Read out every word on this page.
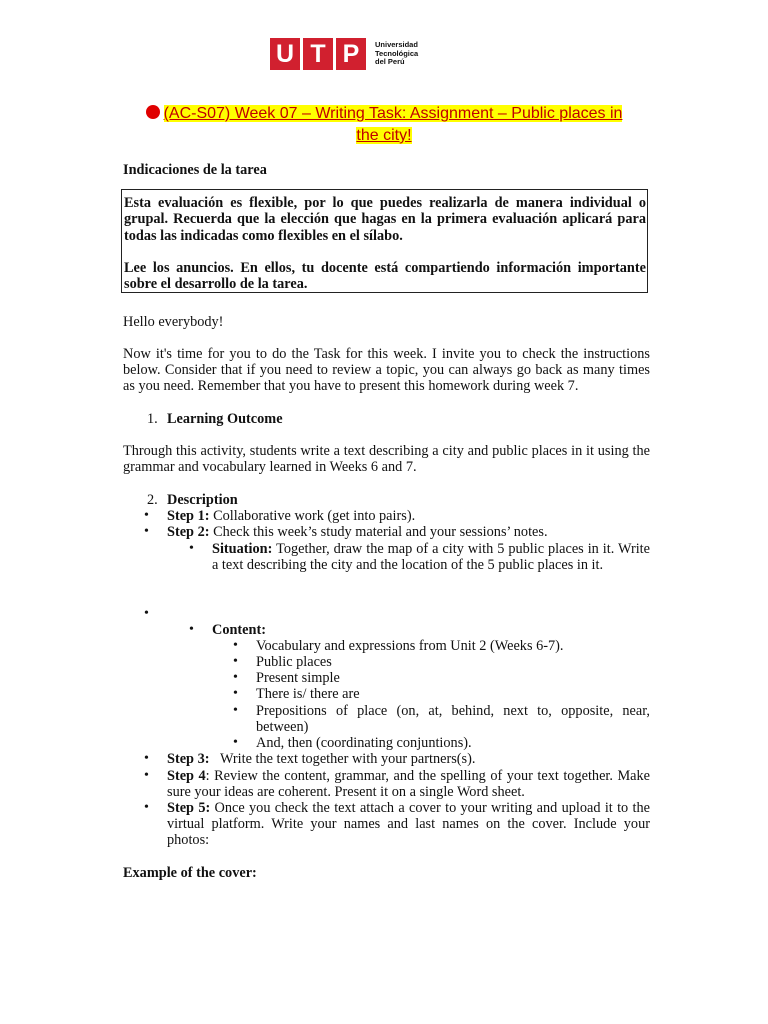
U T P	Universidad
Tecnológica
del Perú
(AC-S07) Week 07 – Writing Task: Assignment – Public places in
the city!
Indicaciones de la tarea

Esta evaluación es flexible, por lo que puedes realizarla de manera individual o grupal. Recuerda que la elección que hagas en la primera evaluación aplicará para todas las indicadas como flexibles en el sílabo.

Lee los anuncios. En ellos, tu docente está compartiendo información importante sobre el desarrollo de la tarea.

Hello everybody!
Now it's time for you to do the Task for this week. I invite you to check the instructions below. Consider that if you need to review a topic, you can always go back as many times as you need. Remember that you have to present this homework during week 7.
1. Learning Outcome
Through this activity, students write a text describing a city and public places in it using the grammar and vocabulary learned in Weeks 6 and 7.
2. Description
• Step 1: Collaborative work (get into pairs).
• Step 2: Check this week’s study material and your sessions’ notes.
• Situation: Together, draw the map of a city with 5 public places in it. Write a text describing the city and the location of the 5 public places in it.
•
• Content:
• Vocabulary and expressions from Unit 2 (Weeks 6-7).
• Public places
• Present simple
• There is/ there are
• Prepositions of place (on, at, behind, next to, opposite, near, between)
• And, then (coordinating conjuntions).
• Step 3:   Write the text together with your partners(s).
• Step 4: Review the content, grammar, and the spelling of your text together. Make sure your ideas are coherent. Present it on a single Word sheet.
• Step 5: Once you check the text attach a cover to your writing and upload it to the virtual platform. Write your names and last names on the cover. Include your photos:
Example of the cover:
